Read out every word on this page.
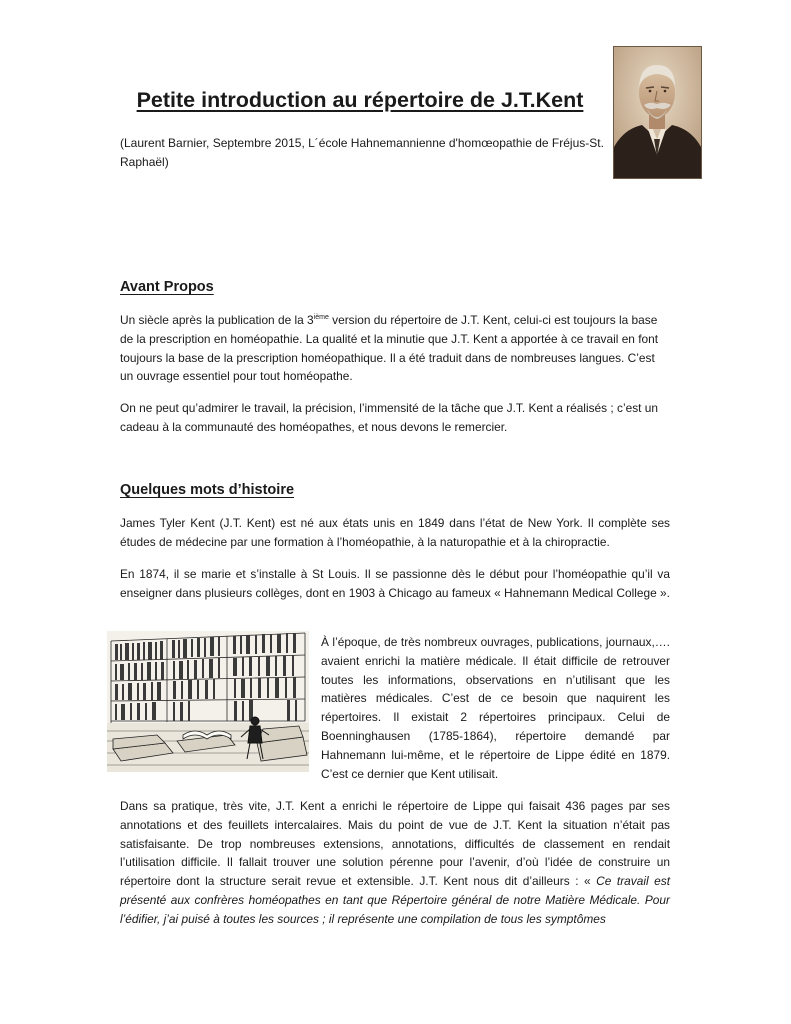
Petite introduction au répertoire de J.T.Kent

(Laurent Barnier, Septembre 2015, L´école Hahnemannienne d'homœopathie de Fréjus-St. Raphaël)

Avant Propos

Un siècle après la publication de la 3ième version du répertoire de J.T. Kent, celui-ci est toujours la base de la prescription en homéopathie. La qualité et la minutie que J.T. Kent a apportée à ce travail en font toujours la base de la prescription homéopathique. Il a été traduit dans de nombreuses langues. C’est un ouvrage essentiel pour tout homéopathe.

On ne peut qu’admirer le travail, la précision, l’immensité de la tâche que J.T. Kent a réalisés ; c’est un cadeau à la communauté des homéopathes, et nous devons le remercier.

Quelques mots d’histoire

James Tyler Kent (J.T. Kent) est né aux états unis en 1849 dans l’état de New York. Il complète ses études de médecine par une formation à l’homéopathie, à la naturopathie et à la chiropractie.

En 1874, il se marie et s’installe à St Louis. Il se passionne dès le début pour l’homéopathie qu’il va enseigner dans plusieurs collèges, dont en 1903 à Chicago au fameux « Hahnemann Medical College ».

À l’époque, de très nombreux ouvrages, publications, journaux,…. avaient enrichi la matière médicale. Il était difficile de retrouver toutes les informations, observations en n’utilisant que les matières médicales. C’est de ce besoin que naquirent les répertoires. Il existait 2 répertoires principaux. Celui de Boenninghausen (1785-1864), répertoire demandé par Hahnemann lui-même, et le répertoire de Lippe édité en 1879. C’est ce dernier que Kent utilisait.

Dans sa pratique, très vite, J.T. Kent a enrichi le répertoire de Lippe qui faisait 436 pages par ses annotations et des feuillets intercalaires. Mais du point de vue de J.T. Kent la situation n’était pas satisfaisante. De trop nombreuses extensions, annotations, difficultés de classement en rendait l’utilisation difficile. Il fallait trouver une solution pérenne pour l’avenir, d’où l’idée de construire un répertoire dont la structure serait revue et extensible. J.T. Kent nous dit d’ailleurs : « Ce travail est présenté aux confrères homéopathes en tant que Répertoire général de notre Matière Médicale. Pour l’édifier, j’ai puisé à toutes les sources ; il représente une compilation de tous les symptômes
